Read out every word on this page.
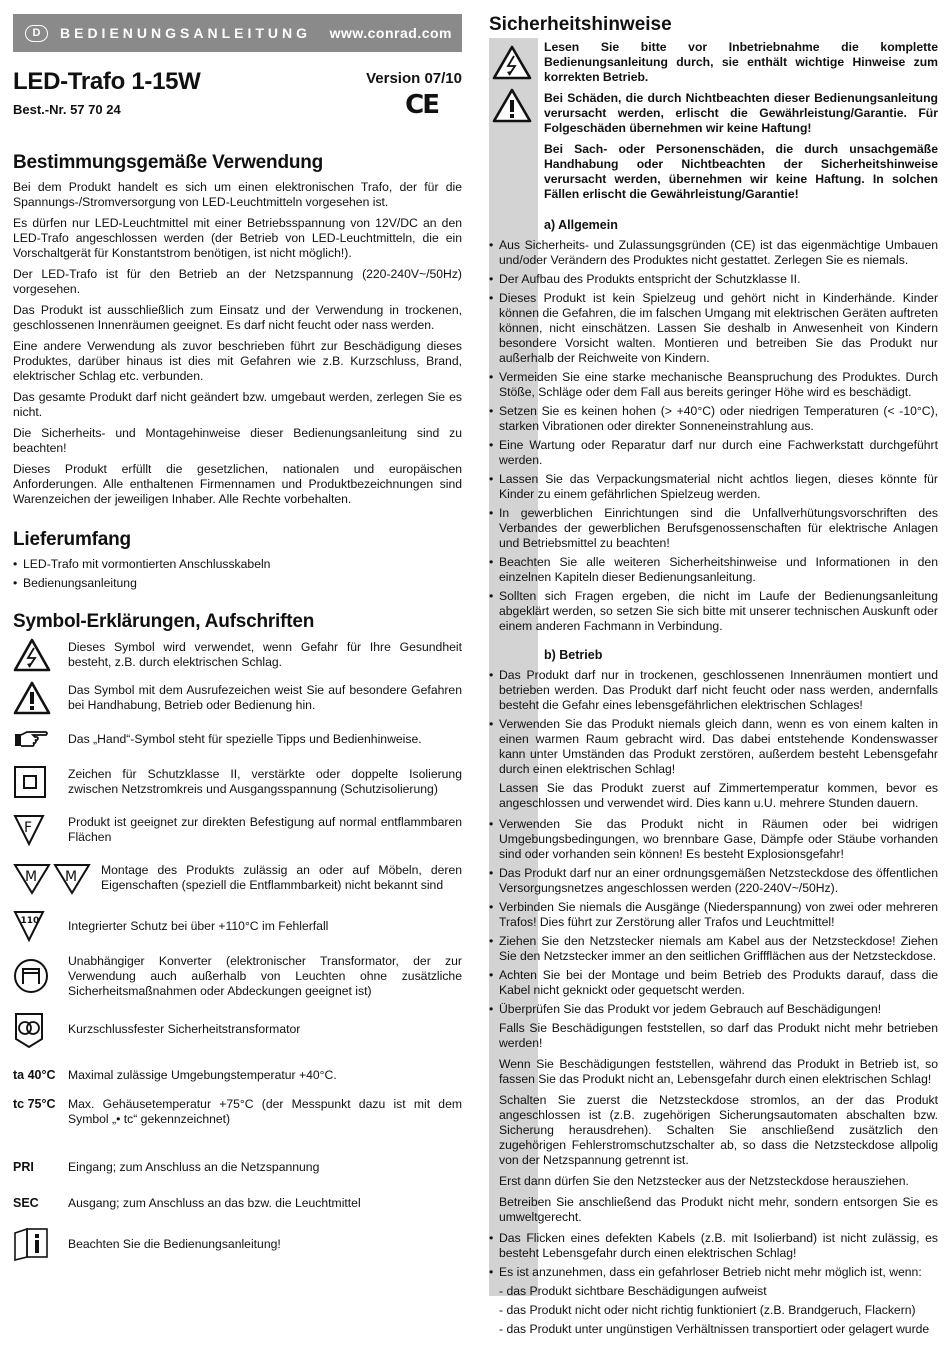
D	BEDIENUNGSANLEITUNG	www.conrad.com
LED-Trafo 1-15W
Best.-Nr. 57 70 24
Version 07/10
CE
Bestimmungsgemäße Verwendung

Bei dem Produkt handelt es sich um einen elektronischen Trafo, der für die Spannungs-/Stromversorgung von LED-Leuchtmitteln vorgesehen ist.

Es dürfen nur LED-Leuchtmittel mit einer Betriebsspannung von 12V/DC an den LED-Trafo angeschlossen werden (der Betrieb von LED-Leuchtmitteln, die ein Vorschaltgerät für Konstantstrom benötigen, ist nicht möglich!).

Der LED-Trafo ist für den Betrieb an der Netzspannung (220-240V~/50Hz) vorgesehen.

Das Produkt ist ausschließlich zum Einsatz und der Verwendung in trockenen, geschlossenen Innenräumen geeignet. Es darf nicht feucht oder nass werden.

Eine andere Verwendung als zuvor beschrieben führt zur Beschädigung dieses Produktes, darüber hinaus ist dies mit Gefahren wie z.B. Kurzschluss, Brand, elektrischer Schlag etc. verbunden.

Das gesamte Produkt darf nicht geändert bzw. umgebaut werden, zerlegen Sie es nicht.

Die Sicherheits- und Montagehinweise dieser Bedienungsanleitung sind zu beachten!

Dieses Produkt erfüllt die gesetzlichen, nationalen und europäischen Anforderungen. Alle enthaltenen Firmennamen und Produktbezeichnungen sind Warenzeichen der jeweiligen Inhaber. Alle Rechte vorbehalten.

Lieferumfang
• LED-Trafo mit vormontierten Anschlusskabeln
• Bedienungsanleitung
Symbol-Erklärungen, Aufschriften
Dieses Symbol wird verwendet, wenn Gefahr für Ihre Gesundheit besteht, z.B. durch elektrischen Schlag.
Das Symbol mit dem Ausrufezeichen weist Sie auf besondere Gefahren bei Handhabung, Betrieb oder Bedienung hin.
Das „Hand“-Symbol steht für spezielle Tipps und Bedienhinweise.
Zeichen für Schutzklasse II, verstärkte oder doppelte Isolierung zwischen Netzstromkreis und Ausgangsspannung (Schutzisolierung)
F	Produkt ist geeignet zur direkten Befestigung auf normal entflammbaren Flächen
M M Montage des Produkts zulässig an oder auf Möbeln, deren Eigenschaften (speziell die Entflammbarkeit) nicht bekannt sind
110 Integrierter Schutz bei über +110°C im Fehlerfall
Unabhängiger Konverter (elektronischer Transformator, der zur Verwendung auch außerhalb von Leuchten ohne zusätzliche Sicherheitsmaßnahmen oder Abdeckungen geeignet ist)
Kurzschlussfester Sicherheitstransformator
ta 40°C	Maximal zulässige Umgebungstemperatur +40°C.
tc 75°C	Max. Gehäusetemperatur +75°C (der Messpunkt dazu ist mit dem Symbol „• tc“ gekennzeichnet)
PRI	Eingang; zum Anschluss an die Netzspannung
SEC	Ausgang; zum Anschluss an das bzw. die Leuchtmittel
Beachten Sie die Bedienungsanleitung!
Sicherheitshinweise

Lesen Sie bitte vor Inbetriebnahme die komplette Bedienungsanleitung durch, sie enthält wichtige Hinweise zum korrekten Betrieb.

Bei Schäden, die durch Nichtbeachten dieser Bedienungsanleitung verursacht werden, erlischt die Gewährleistung/Garantie. Für Folgeschäden übernehmen wir keine Haftung!

Bei Sach- oder Personenschäden, die durch unsachgemäße Handhabung oder Nichtbeachten der Sicherheitshinweise verursacht werden, übernehmen wir keine Haftung. In solchen Fällen erlischt die Gewährleistung/Garantie!

a) Allgemein
• Aus Sicherheits- und Zulassungsgründen (CE) ist das eigenmächtige Umbauen und/oder Verändern des Produktes nicht gestattet. Zerlegen Sie es niemals.
• Der Aufbau des Produkts entspricht der Schutzklasse II.
• Dieses Produkt ist kein Spielzeug und gehört nicht in Kinderhände. Kinder können die Gefahren, die im falschen Umgang mit elektrischen Geräten auftreten können, nicht einschätzen. Lassen Sie deshalb in Anwesenheit von Kindern besondere Vorsicht walten. Montieren und betreiben Sie das Produkt nur außerhalb der Reichweite von Kindern.
• Vermeiden Sie eine starke mechanische Beanspruchung des Produktes. Durch Stöße, Schläge oder dem Fall aus bereits geringer Höhe wird es beschädigt.
• Setzen Sie es keinen hohen (> +40°C) oder niedrigen Temperaturen (< -10°C), starken Vibrationen oder direkter Sonneneinstrahlung aus.
• Eine Wartung oder Reparatur darf nur durch eine Fachwerkstatt durchgeführt werden.
• Lassen Sie das Verpackungsmaterial nicht achtlos liegen, dieses könnte für Kinder zu einem gefährlichen Spielzeug werden.
• In gewerblichen Einrichtungen sind die Unfallverhütungsvorschriften des Verbandes der gewerblichen Berufsgenossenschaften für elektrische Anlagen und Betriebsmittel zu beachten!
• Beachten Sie alle weiteren Sicherheitshinweise und Informationen in den einzelnen Kapiteln dieser Bedienungsanleitung.
• Sollten sich Fragen ergeben, die nicht im Laufe der Bedienungsanleitung abgeklärt werden, so setzen Sie sich bitte mit unserer technischen Auskunft oder einem anderen Fachmann in Verbindung.
b) Betrieb
• Das Produkt darf nur in trockenen, geschlossenen Innenräumen montiert und betrieben werden. Das Produkt darf nicht feucht oder nass werden, andernfalls besteht die Gefahr eines lebensgefährlichen elektrischen Schlages!
• Verwenden Sie das Produkt niemals gleich dann, wenn es von einem kalten in einen warmen Raum gebracht wird. Das dabei entstehende Kondenswasser kann unter Umständen das Produkt zerstören, außerdem besteht Lebensgefahr durch einen elektrischen Schlag!
Lassen Sie das Produkt zuerst auf Zimmertemperatur kommen, bevor es angeschlossen und verwendet wird. Dies kann u.U. mehrere Stunden dauern.
• Verwenden Sie das Produkt nicht in Räumen oder bei widrigen Umgebungsbedingungen, wo brennbare Gase, Dämpfe oder Stäube vorhanden sind oder vorhanden sein können! Es besteht Explosionsgefahr!
• Das Produkt darf nur an einer ordnungsgemäßen Netzsteckdose des öffentlichen Versorgungsnetzes angeschlossen werden (220-240V~/50Hz).
• Verbinden Sie niemals die Ausgänge (Niederspannung) von zwei oder mehreren Trafos! Dies führt zur Zerstörung aller Trafos und Leuchtmittel!
• Ziehen Sie den Netzstecker niemals am Kabel aus der Netzsteckdose! Ziehen Sie den Netzstecker immer an den seitlichen Griffflächen aus der Netzsteckdose.
• Achten Sie bei der Montage und beim Betrieb des Produkts darauf, dass die Kabel nicht geknickt oder gequetscht werden.
• Überprüfen Sie das Produkt vor jedem Gebrauch auf Beschädigungen!
Falls Sie Beschädigungen feststellen, so darf das Produkt nicht mehr betrieben werden!
Wenn Sie Beschädigungen feststellen, während das Produkt in Betrieb ist, so fassen Sie das Produkt nicht an, Lebensgefahr durch einen elektrischen Schlag!
Schalten Sie zuerst die Netzsteckdose stromlos, an der das Produkt angeschlossen ist (z.B. zugehörigen Sicherungsautomaten abschalten bzw. Sicherung herausdrehen). Schalten Sie anschließend zusätzlich den zugehörigen Fehlerstromschutzschalter ab, so dass die Netzsteckdose allpolig von der Netzspannung getrennt ist.
Erst dann dürfen Sie den Netzstecker aus der Netzsteckdose herausziehen.
Betreiben Sie anschließend das Produkt nicht mehr, sondern entsorgen Sie es umweltgerecht.
• Das Flicken eines defekten Kabels (z.B. mit Isolierband) ist nicht zulässig, es besteht Lebensgefahr durch einen elektrischen Schlag!
• Es ist anzunehmen, dass ein gefahrloser Betrieb nicht mehr möglich ist, wenn:
- das Produkt sichtbare Beschädigungen aufweist
- das Produkt nicht oder nicht richtig funktioniert (z.B. Brandgeruch, Flackern)
- das Produkt unter ungünstigen Verhältnissen transportiert oder gelagert wurde
